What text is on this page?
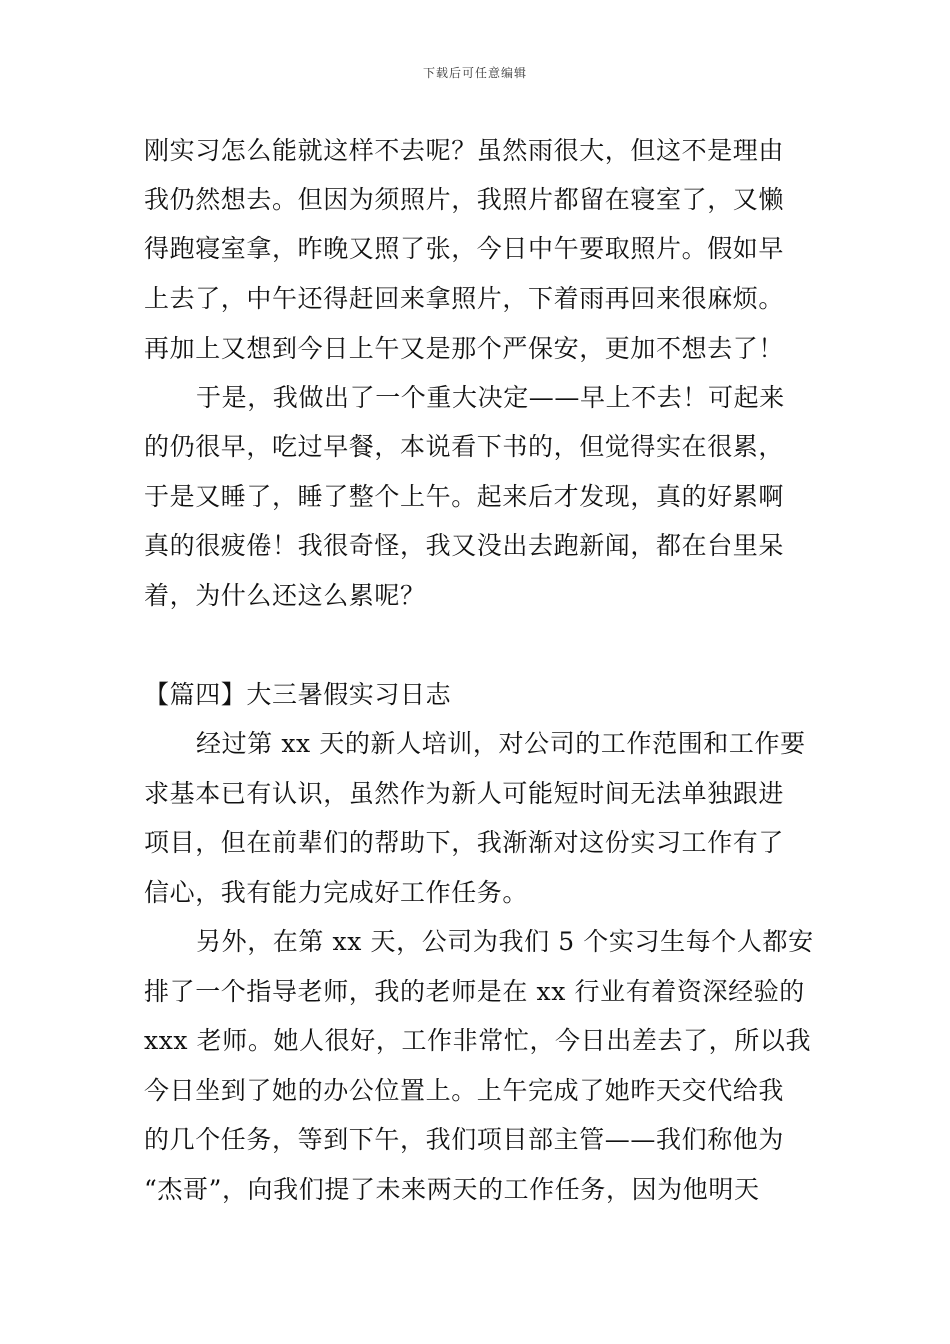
下载后可任意编辑
刚实习怎么能就这样不去呢？虽然雨很大，但这不是理由
我仍然想去。但因为须照片，我照片都留在寝室了，又懒
得跑寝室拿，昨晚又照了张，今日中午要取照片。假如早
上去了，中午还得赶回来拿照片，下着雨再回来很麻烦。
再加上又想到今日上午又是那个严保安，更加不想去了！
于是，我做出了一个重大决定——早上不去！可起来
的仍很早，吃过早餐，本说看下书的，但觉得实在很累，
于是又睡了，睡了整个上午。起来后才发现，真的好累啊
真的很疲倦！我很奇怪，我又没出去跑新闻，都在台里呆
着，为什么还这么累呢？
【篇四】大三暑假实习日志
经过第 xx 天的新人培训，对公司的工作范围和工作要
求基本已有认识，虽然作为新人可能短时间无法单独跟进
项目，但在前辈们的帮助下，我渐渐对这份实习工作有了
信心，我有能力完成好工作任务。
另外，在第 xx 天，公司为我们 5 个实习生每个人都安
排了一个指导老师，我的老师是在 xx 行业有着资深经验的
xxx 老师。她人很好，工作非常忙，今日出差去了，所以我
今日坐到了她的办公位置上。上午完成了她昨天交代给我
的几个任务，等到下午，我们项目部主管——我们称他为
“杰哥”，向我们提了未来两天的工作任务，因为他明天
